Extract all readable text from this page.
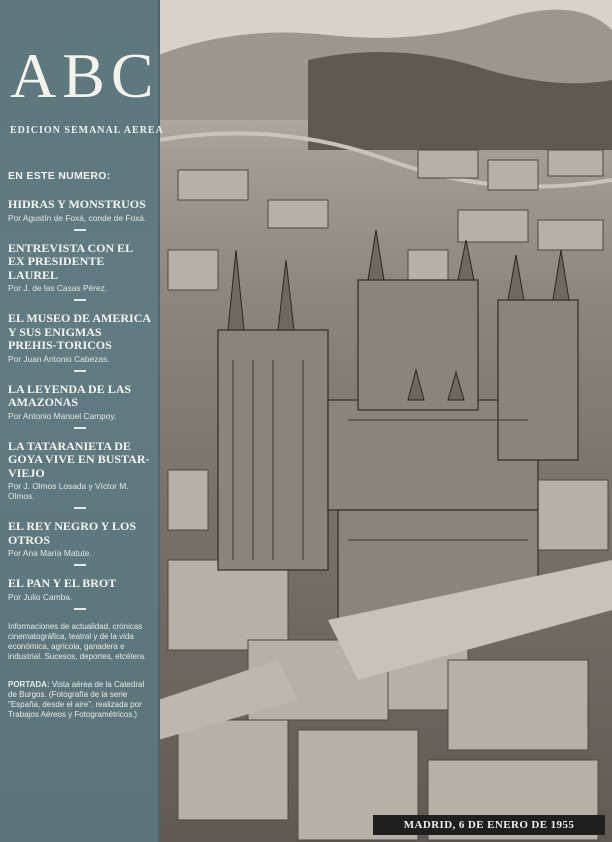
EN ESTE NUMERO:
HIDRAS Y MONSTRUOS
Por Agustín de Foxá, conde de Foxá.
ENTREVISTA CON EL EX PRESIDENTE LAUREL
Por J. de las Casas Pérez.
EL MUSEO DE AMERICA Y SUS ENIGMAS PREHIS-TORICOS
Por Juan Antonio Cabezas.
LA LEYENDA DE LAS AMAZONAS
Por Antonio Manuel Campoy.
LA TATARANIETA DE GOYA VIVE EN BUSTAR-VIEJO
Por J. Olmos Losada y Víctor M. Olmos.
EL REY NEGRO Y LOS OTROS
Por Ana María Matute.
EL PAN Y EL BROT
Por Julio Camba.
Informaciones de actualidad, crónicas cinematográfica, teatral y de la vida económica, agrícola, ganadera e industrial. Sucesos, deportes, etcétera.
PORTADA: Vista aérea de la Catedral de Burgos. (Fotografía de la serie "España, desde el aire", realizada por Trabajos Aéreos y Fotogramétricos.)
ABC
EDICION SEMANAL AEREA
MADRID, 6 DE ENERO DE 1955
